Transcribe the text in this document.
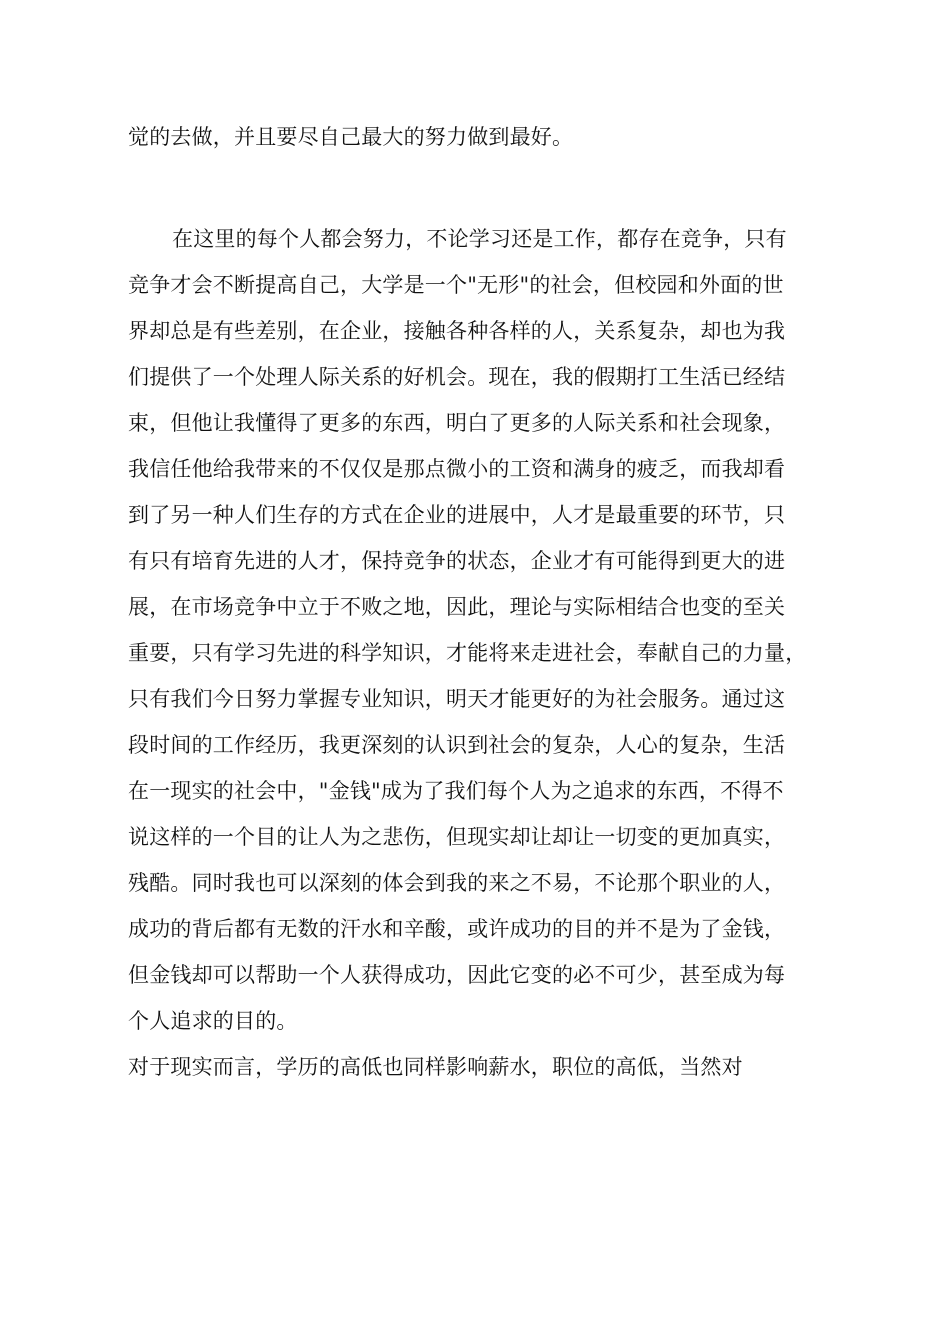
觉的去做，并且要尽自己最大的努力做到最好。
在这里的每个人都会努力，不论学习还是工作，都存在竞争，只有
竞争才会不断提高自己，大学是一个"无形"的社会，但校园和外面的世
界却总是有些差别，在企业，接触各种各样的人，关系复杂，却也为我
们提供了一个处理人际关系的好机会。现在，我的假期打工生活已经结
束，但他让我懂得了更多的东西，明白了更多的人际关系和社会现象，
我信任他给我带来的不仅仅是那点微小的工资和满身的疲乏，而我却看
到了另一种人们生存的方式在企业的进展中，人才是最重要的环节，只
有只有培育先进的人才，保持竞争的状态，企业才有可能得到更大的进
展，在市场竞争中立于不败之地，因此，理论与实际相结合也变的至关
重要，只有学习先进的科学知识，才能将来走进社会，奉献自己的力量，
只有我们今日努力掌握专业知识，明天才能更好的为社会服务。通过这
段时间的工作经历，我更深刻的认识到社会的复杂，人心的复杂，生活
在一现实的社会中，"金钱"成为了我们每个人为之追求的东西，不得不
说这样的一个目的让人为之悲伤，但现实却让却让一切变的更加真实，
残酷。同时我也可以深刻的体会到我的来之不易，不论那个职业的人，
成功的背后都有无数的汗水和辛酸，或许成功的目的并不是为了金钱，
但金钱却可以帮助一个人获得成功，因此它变的必不可少，甚至成为每
个人追求的目的。
对于现实而言，学历的高低也同样影响薪水，职位的高低，当然对
